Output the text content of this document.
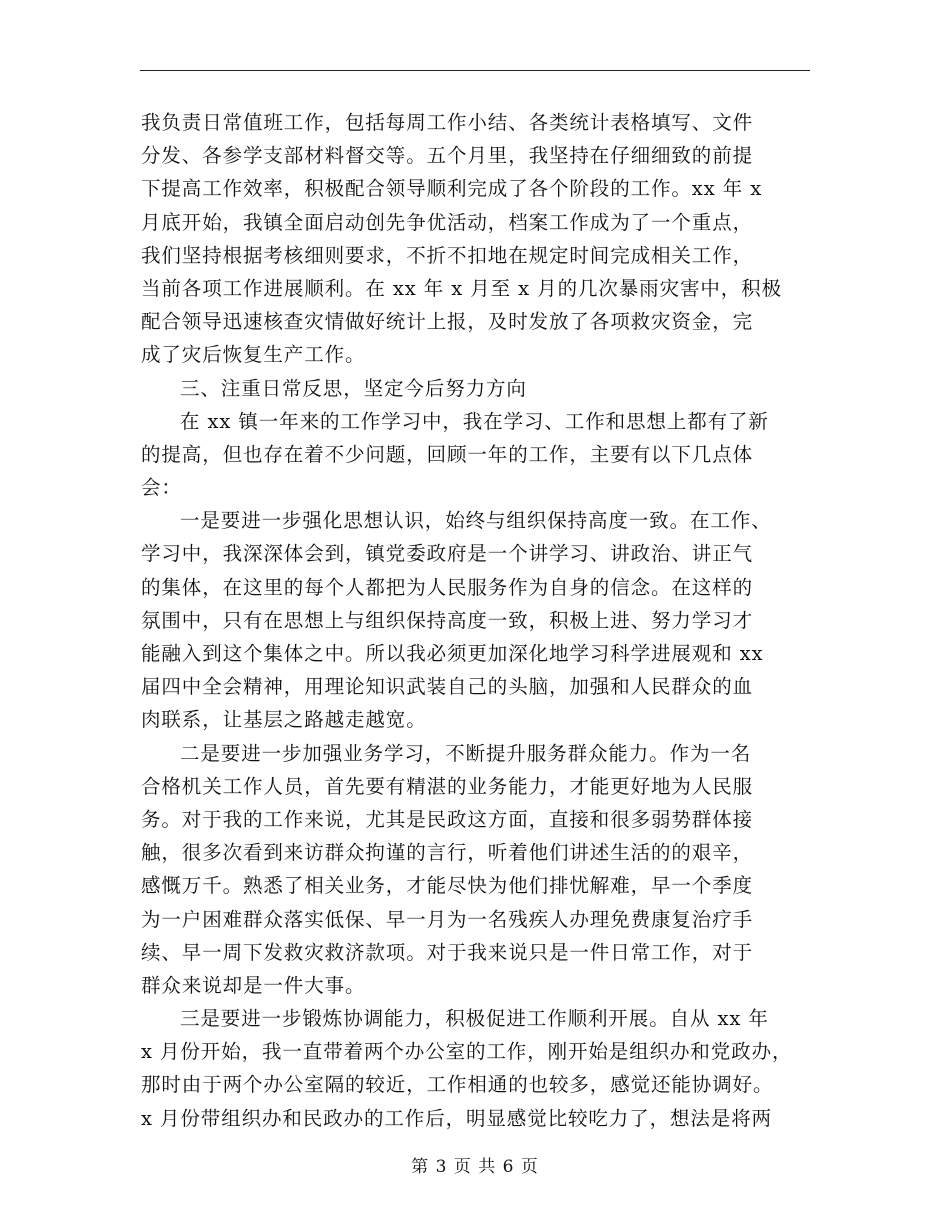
我负责日常值班工作，包括每周工作小结、各类统计表格填写、文件
分发、各参学支部材料督交等。五个月里，我坚持在仔细细致的前提
下提高工作效率，积极配合领导顺利完成了各个阶段的工作。xx 年 x
月底开始，我镇全面启动创先争优活动，档案工作成为了一个重点，
我们坚持根据考核细则要求，不折不扣地在规定时间完成相关工作，
当前各项工作进展顺利。在 xx 年 x 月至 x 月的几次暴雨灾害中，积极
配合领导迅速核查灾情做好统计上报，及时发放了各项救灾资金，完
成了灾后恢复生产工作。
三、注重日常反思，坚定今后努力方向
在 xx 镇一年来的工作学习中，我在学习、工作和思想上都有了新
的提高，但也存在着不少问题，回顾一年的工作，主要有以下几点体
会：
一是要进一步强化思想认识，始终与组织保持高度一致。在工作、
学习中，我深深体会到，镇党委政府是一个讲学习、讲政治、讲正气
的集体，在这里的每个人都把为人民服务作为自身的信念。在这样的
氛围中，只有在思想上与组织保持高度一致，积极上进、努力学习才
能融入到这个集体之中。所以我必须更加深化地学习科学进展观和 xx
届四中全会精神，用理论知识武装自己的头脑，加强和人民群众的血
肉联系，让基层之路越走越宽。
二是要进一步加强业务学习，不断提升服务群众能力。作为一名
合格机关工作人员，首先要有精湛的业务能力，才能更好地为人民服
务。对于我的工作来说，尤其是民政这方面，直接和很多弱势群体接
触，很多次看到来访群众拘谨的言行，听着他们讲述生活的的艰辛，
感慨万千。熟悉了相关业务，才能尽快为他们排忧解难，早一个季度
为一户困难群众落实低保、早一月为一名残疾人办理免费康复治疗手
续、早一周下发救灾救济款项。对于我来说只是一件日常工作，对于
群众来说却是一件大事。
三是要进一步锻炼协调能力，积极促进工作顺利开展。自从 xx 年
x 月份开始，我一直带着两个办公室的工作，刚开始是组织办和党政办，
那时由于两个办公室隔的较近，工作相通的也较多，感觉还能协调好。
x 月份带组织办和民政办的工作后，明显感觉比较吃力了，想法是将两
第 3 页 共 6 页
